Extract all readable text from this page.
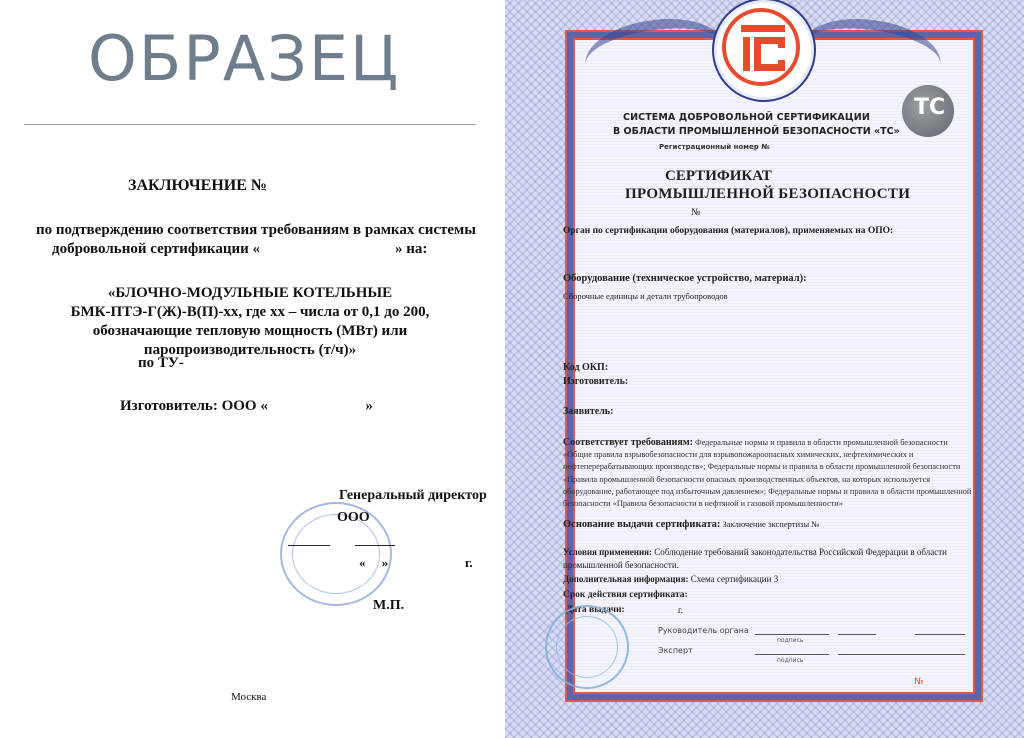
ОБРАЗЕЦ
ЗАКЛЮЧЕНИЕ №
по подтверждению соответствия требованиям в рамках системы
добровольной сертификации «                                    » на:
«БЛОЧНО-МОДУЛЬНЫЕ КОТЕЛЬНЫЕ
БМК-ПТЭ-Г(Ж)-В(П)-хх, где хх – числа от 0,1 до 200,
обозначающие тепловую мощность (МВт) или
паропроизводительность (т/ч)»
по ТУ-
Изготовитель: ООО «                          »
Генеральный директор
ООО
«     »	г.
М.П.
Москва
TC
СИСТЕМА ДОБРОВОЛЬНОЙ СЕРТИФИКАЦИИ
В ОБЛАСТИ ПРОМЫШЛЕННОЙ БЕЗОПАСНОСТИ «ТС»
Регистрационный номер №
СЕРТИФИКАТ
ПРОМЫШЛЕННОЙ БЕЗОПАСНОСТИ
№
Орган по сертификации оборудования (материалов), применяемых на ОПО:
Оборудование (техническое устройство, материал):
Сборочные единицы и детали трубопроводов
Код ОКП:
Изготовитель:
Заявитель:
Соответствует требованиям: Федеральные нормы и правила в области промышленной безопасности «Общие правила взрывобезопасности для взрывопожароопасных химических, нефтехимических и нефтеперерабатывающих производств»; Федеральные нормы и правила в области промышленной безопасности «Правила промышленной безопасности опасных производственных объектов, на которых используется оборудование, работающее под избыточным давлением»; Федеральные нормы и правила в области промышленной безопасности «Правила безопасности в нефтяной и газовой промышленности»
Основание выдачи сертификата: Заключение экспертизы №
Условия применения: Соблюдение требований законодательства Российской Федерации в области промышленной безопасности.
Дополнительная информация: Схема сертификации 3
Срок действия сертификата:
Дата выдачи:	г.
Руководитель органа
подпись
Эксперт
подпись
№
